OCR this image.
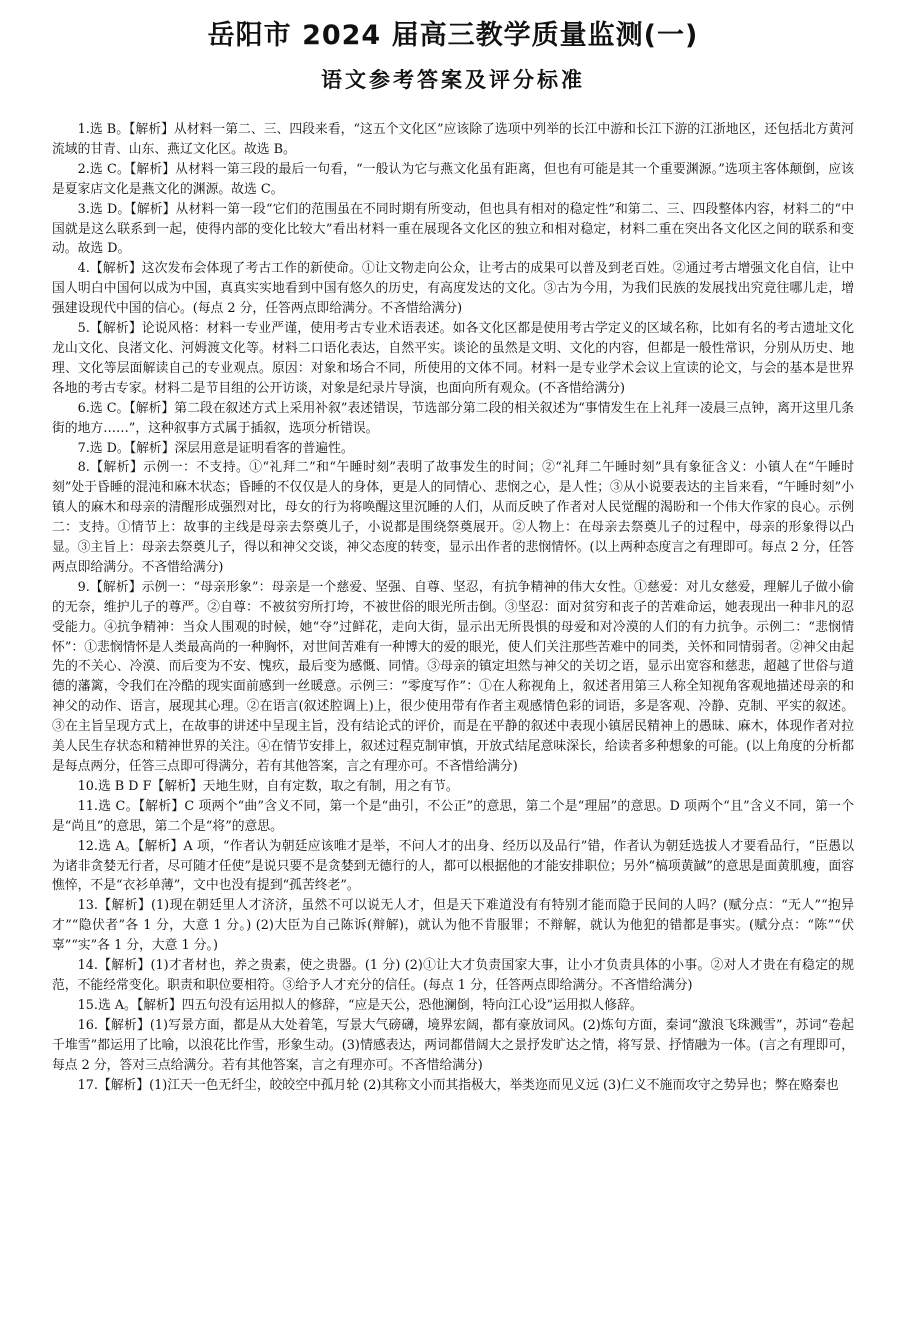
岳阳市 2024 届高三教学质量监测(一)
语文参考答案及评分标准

1.选 B。【解析】从材料一第二、三、四段来看，“这五个文化区”应该除了选项中列举的长江中游和长江下游的江浙地区，还包括北方黄河流域的甘青、山东、燕辽文化区。故选 B。

2.选 C。【解析】从材料一第三段的最后一句看，“一般认为它与燕文化虽有距离，但也有可能是其一个重要渊源。”选项主客体颠倒，应该是夏家店文化是燕文化的渊源。故选 C。

3.选 D。【解析】从材料一第一段“它们的范围虽在不同时期有所变动，但也具有相对的稳定性”和第二、三、四段整体内容，材料二的“中国就是这么联系到一起，使得内部的变化比较大”看出材料一重在展现各文化区的独立和相对稳定，材料二重在突出各文化区之间的联系和变动。故选 D。

4.【解析】这次发布会体现了考古工作的新使命。①让文物走向公众，让考古的成果可以普及到老百姓。②通过考古增强文化自信，让中国人明白中国何以成为中国，真真实实地看到中国有悠久的历史，有高度发达的文化。③古为今用，为我们民族的发展找出究竟往哪儿走，增强建设现代中国的信心。(每点 2 分，任答两点即给满分。不吝惜给满分)

5.【解析】论说风格：材料一专业严谨，使用考古专业术语表述。如各文化区都是使用考古学定义的区域名称，比如有名的考古遗址文化龙山文化、良渚文化、河姆渡文化等。材料二口语化表达，自然平实。谈论的虽然是文明、文化的内容，但都是一般性常识，分别从历史、地理、文化等层面解读自己的专业观点。原因：对象和场合不同，所使用的文体不同。材料一是专业学术会议上宣读的论文，与会的基本是世界各地的考古专家。材料二是节目组的公开访谈，对象是纪录片导演，也面向所有观众。(不吝惜给满分)

6.选 C。【解析】第二段在叙述方式上采用补叙”表述错误，节选部分第二段的相关叙述为“事情发生在上礼拜一凌晨三点钟，离开这里几条街的地方……”，这种叙事方式属于插叙，选项分析错误。

7.选 D。【解析】深层用意是证明看客的普遍性。

8.【解析】示例一：不支持。①“礼拜二”和“午睡时刻”表明了故事发生的时间；②“礼拜二午睡时刻”具有象征含义：小镇人在“午睡时刻”处于昏睡的混沌和麻木状态；昏睡的不仅仅是人的身体，更是人的同情心、悲悯之心，是人性；③从小说要表达的主旨来看，“午睡时刻”小镇人的麻木和母亲的清醒形成强烈对比，母女的行为将唤醒这里沉睡的人们，从而反映了作者对人民觉醒的渴盼和一个伟大作家的良心。示例二：支持。①情节上：故事的主线是母亲去祭奠儿子，小说都是围绕祭奠展开。②人物上：在母亲去祭奠儿子的过程中，母亲的形象得以凸显。③主旨上：母亲去祭奠儿子，得以和神父交谈，神父态度的转变，显示出作者的悲悯情怀。(以上两种态度言之有理即可。每点 2 分，任答两点即给满分。不吝惜给满分)

9.【解析】示例一：“母亲形象”：母亲是一个慈爱、坚强、自尊、坚忍，有抗争精神的伟大女性。①慈爱：对儿女慈爱，理解儿子做小偷的无奈，维护儿子的尊严。②自尊：不被贫穷所打垮，不被世俗的眼光所击倒。③坚忍：面对贫穷和丧子的苦难命运，她表现出一种非凡的忍受能力。④抗争精神：当众人围观的时候，她“夺”过鲜花，走向大街，显示出无所畏惧的母爱和对冷漠的人们的有力抗争。示例二：“悲悯情怀”：①悲悯情怀是人类最高尚的一种胸怀，对世间苦难有一种博大的爱的眼光，使人们关注那些苦难中的同类，关怀和同情弱者。②神父由起先的不关心、冷漠、而后变为不安、愧疚，最后变为感慨、同情。③母亲的镇定坦然与神父的关切之语，显示出宽容和慈悲，超越了世俗与道德的藩篱，令我们在冷酷的现实面前感到一丝暖意。示例三：“零度写作”：①在人称视角上，叙述者用第三人称全知视角客观地描述母亲的和神父的动作、语言，展现其心理。②在语言(叙述腔调上)上，很少使用带有作者主观感情色彩的词语，多是客观、冷静、克制、平实的叙述。③在主旨呈现方式上，在故事的讲述中呈现主旨，没有结论式的评价，而是在平静的叙述中表现小镇居民精神上的愚昧、麻木，体现作者对拉美人民生存状态和精神世界的关注。④在情节安排上，叙述过程克制审慎，开放式结尾意味深长，给读者多种想象的可能。(以上角度的分析都是每点两分，任答三点即可得满分，若有其他答案，言之有理亦可。不吝惜给满分)

10.选 B D F【解析】天地生财，自有定数，取之有制，用之有节。

11.选 C。【解析】C 项两个“曲”含义不同，第一个是“曲引，不公正”的意思，第二个是“理屈”的意思。D 项两个“且”含义不同，第一个是“尚且”的意思，第二个是“将”的意思。

12.选 A。【解析】A 项，“作者认为朝廷应该唯才是举，不问人才的出身、经历以及品行”错，作者认为朝廷选拔人才要看品行，“臣愚以为诸非贪婪无行者，尽可随才任使”是说只要不是贪婪到无德行的人，都可以根据他的才能安排职位；另外“槁项黄馘”的意思是面黄肌瘦，面容憔悴，不是“衣衫单薄”，文中也没有提到“孤苦终老”。

13.【解析】(1)现在朝廷里人才济济，虽然不可以说无人才，但是天下难道没有有特别才能而隐于民间的人吗？(赋分点：“无人”“抱异才”“隐伏者”各 1 分，大意 1 分。) (2)大臣为自己陈诉(辩解)，就认为他不肯服罪；不辩解，就认为他犯的错都是事实。(赋分点：“陈”“伏辜”“实”各 1 分，大意 1 分。)

14.【解析】(1)才者材也，养之贵素，使之贵器。(1 分) (2)①让大才负责国家大事，让小才负责具体的小事。②对人才贵在有稳定的规范，不能经常变化。职责和职位要相符。③给予人才充分的信任。(每点 1 分，任答两点即给满分。不吝惜给满分)

15.选 A。【解析】四五句没有运用拟人的修辞，“应是天公，恐他澜倒，特向江心设”运用拟人修辞。

16.【解析】(1)写景方面，都是从大处着笔，写景大气磅礴，境界宏阔，都有豪放词风。(2)炼句方面，秦词“激浪飞珠溅雪”，苏词“卷起千堆雪”都运用了比喻，以浪花比作雪，形象生动。(3)情感表达，两词都借阔大之景抒发旷达之情，将写景、抒情融为一体。(言之有理即可，每点 2 分，答对三点给满分。若有其他答案，言之有理亦可。不吝惜给满分)

17.【解析】(1)江天一色无纤尘，皎皎空中孤月轮 (2)其称文小而其指极大，举类迩而见义远 (3)仁义不施而攻守之势异也；弊在赂秦也
